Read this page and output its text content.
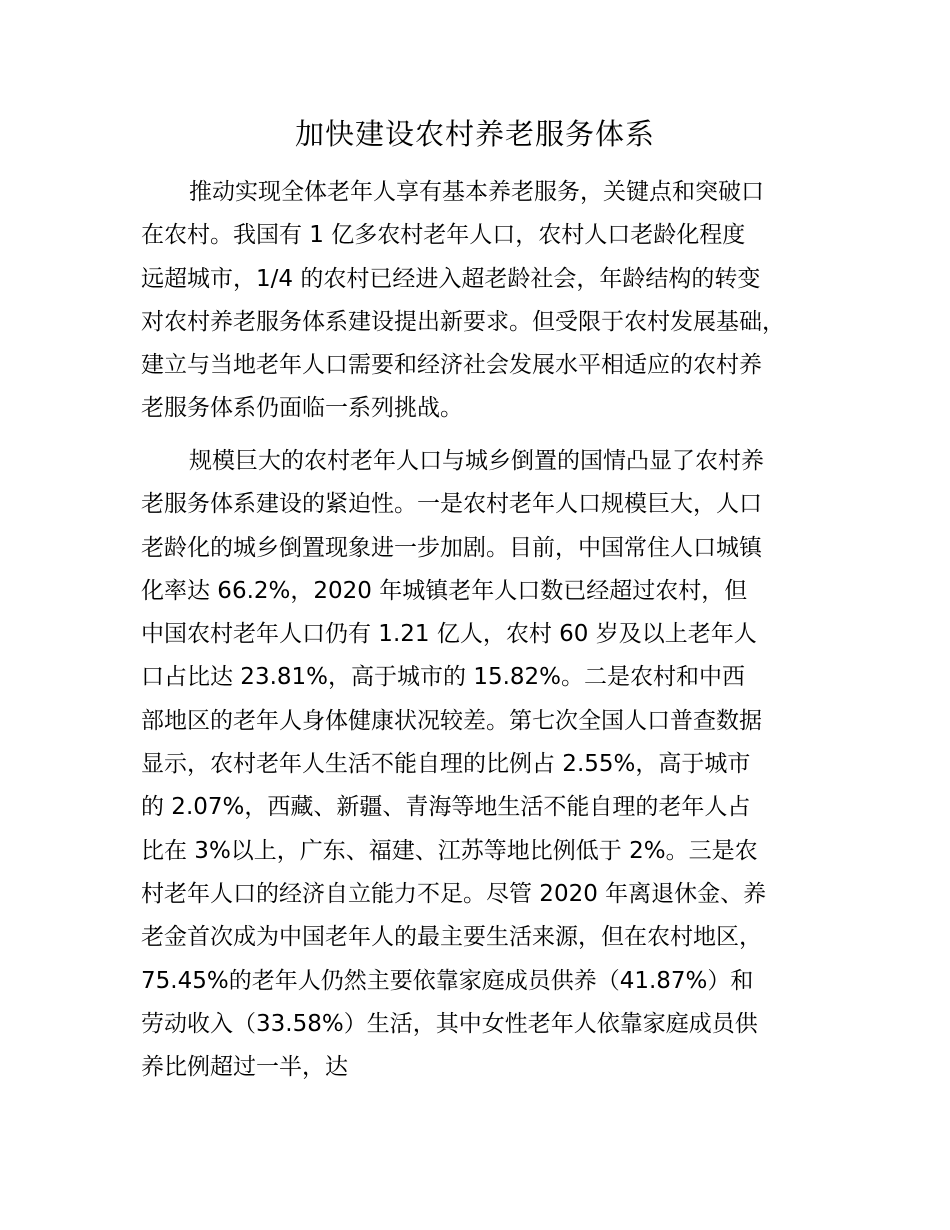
加快建设农村养老服务体系
推动实现全体老年人享有基本养老服务，关键点和突破口
在农村。我国有 1 亿多农村老年人口，农村人口老龄化程度
远超城市，1/4 的农村已经进入超老龄社会，年龄结构的转变
对农村养老服务体系建设提出新要求。但受限于农村发展基础，
建立与当地老年人口需要和经济社会发展水平相适应的农村养
老服务体系仍面临一系列挑战。
规模巨大的农村老年人口与城乡倒置的国情凸显了农村养
老服务体系建设的紧迫性。一是农村老年人口规模巨大，人口
老龄化的城乡倒置现象进一步加剧。目前，中国常住人口城镇
化率达 66.2%，2020 年城镇老年人口数已经超过农村，但
中国农村老年人口仍有 1.21 亿人，农村 60 岁及以上老年人
口占比达 23.81%，高于城市的 15.82%。二是农村和中西
部地区的老年人身体健康状况较差。第七次全国人口普查数据
显示，农村老年人生活不能自理的比例占 2.55%，高于城市
的 2.07%，西藏、新疆、青海等地生活不能自理的老年人占
比在 3%以上，广东、福建、江苏等地比例低于 2%。三是农
村老年人口的经济自立能力不足。尽管 2020 年离退休金、养
老金首次成为中国老年人的最主要生活来源，但在农村地区，
75.45%的老年人仍然主要依靠家庭成员供养（41.87%）和
劳动收入（33.58%）生活，其中女性老年人依靠家庭成员供
养比例超过一半，达
